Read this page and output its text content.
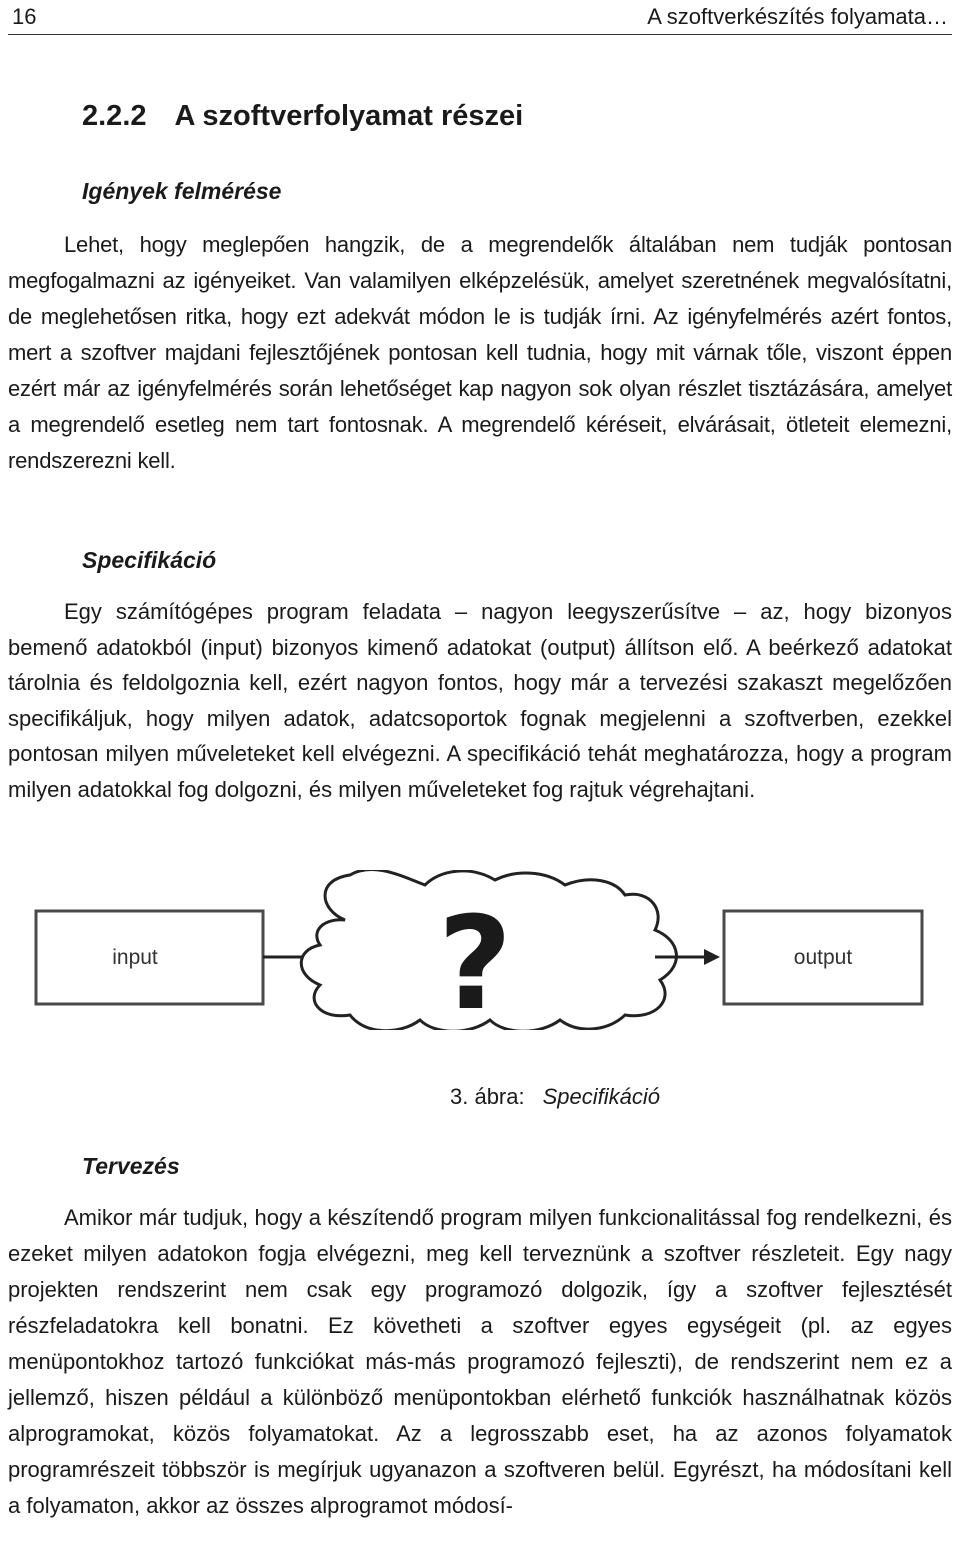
16	A szoftverkészítés folyamata…
2.2.2 A szoftverfolyamat részei
Igények felmérése

Lehet, hogy meglepően hangzik, de a megrendelők általában nem tudják pontosan megfogalmazni az igényeiket. Van valamilyen elképzelésük, amelyet szeretnének megvalósítatni, de meglehetősen ritka, hogy ezt adekvát módon le is tudják írni. Az igényfelmérés azért fontos, mert a szoftver majdani fejlesztőjének pontosan kell tudnia, hogy mit várnak tőle, viszont éppen ezért már az igényfelmérés során lehetőséget kap nagyon sok olyan részlet tisztázására, amelyet a megrendelő esetleg nem tart fontosnak. A megrendelő kéréseit, elvárásait, ötleteit elemezni, rendszerezni kell.

Specifikáció

Egy számítógépes program feladata – nagyon leegyszerűsítve – az, hogy bizonyos bemenő adatokból (input) bizonyos kimenő adatokat (output) állítson elő. A beérkező adatokat tárolnia és feldolgoznia kell, ezért nagyon fontos, hogy már a tervezési szakaszt megelőzően specifikáljuk, hogy milyen adatok, adatcsoportok fognak megjelenni a szoftverben, ezekkel pontosan milyen műveleteket kell elvégezni. A specifikáció tehát meghatározza, hogy a program milyen adatokkal fog dolgozni, és milyen műveleteket fog rajtuk végrehajtani.

input ?	output
3. ábra: Specifikáció
Tervezés

Amikor már tudjuk, hogy a készítendő program milyen funkcionalitással fog rendelkezni, és ezeket milyen adatokon fogja elvégezni, meg kell terveznünk a szoftver részleteit. Egy nagy projekten rendszerint nem csak egy programozó dolgozik, így a szoftver fejlesztését részfeladatokra kell bonatni. Ez követheti a szoftver egyes egységeit (pl. az egyes menüpontokhoz tartozó funkciókat más-más programozó fejleszti), de rendszerint nem ez a jellemző, hiszen például a különböző menüpontokban elérhető funkciók használhatnak közös alprogramokat, közös folyamatokat. Az a legrosszabb eset, ha az azonos folyamatok programrészeit többször is megírjuk ugyanazon a szoftveren belül. Egyrészt, ha módosítani kell a folyamaton, akkor az összes alprogramot módosí-
